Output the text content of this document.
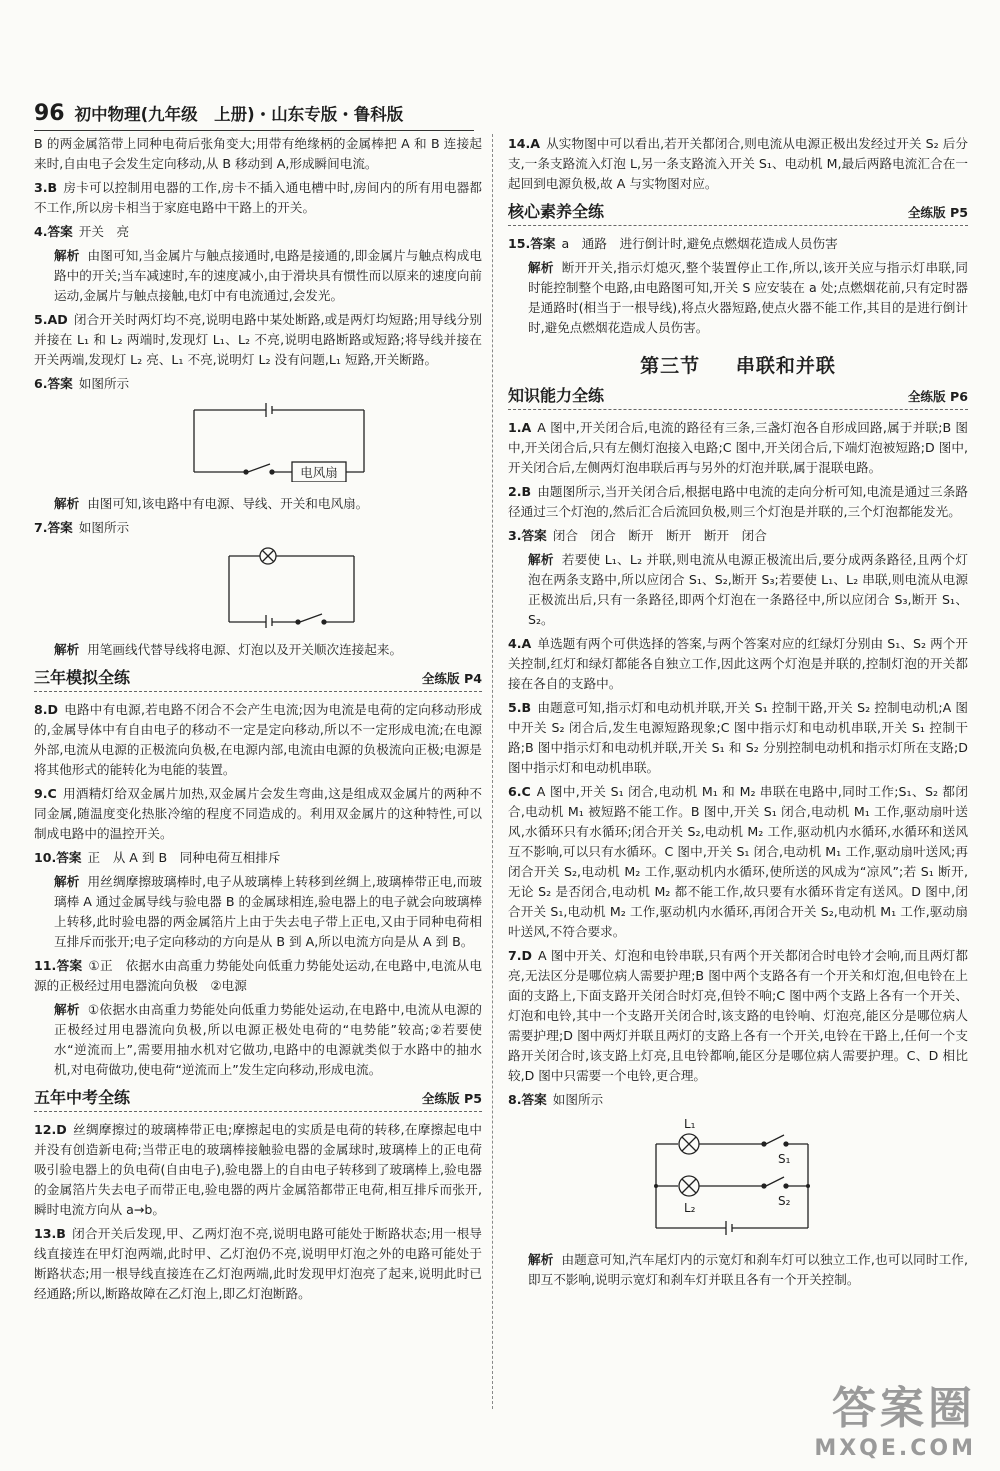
96 初中物理(九年级　上册)・山东专版・鲁科版

B 的两金属箔带上同种电荷后张角变大;用带有绝缘柄的金属棒把 A 和 B 连接起来时,自由电子会发生定向移动,从 B 移动到 A,形成瞬间电流。

3.B 房卡可以控制用电器的工作,房卡不插入通电槽中时,房间内的所有用电器都不工作,所以房卡相当于家庭电路中干路上的开关。

4.答案 开关　亮

解析 由图可知,当金属片与触点接通时,电路是接通的,即金属片与触点构成电路中的开关;当车减速时,车的速度减小,由于滑块具有惯性而以原来的速度向前运动,金属片与触点接触,电灯中有电流通过,会发光。

5.AD 闭合开关时两灯均不亮,说明电路中某处断路,或是两灯均短路;用导线分别并接在 L₁ 和 L₂ 两端时,发现灯 L₁、L₂ 不亮,说明电路断路或短路;将导线并接在开关两端,发现灯 L₂ 亮、L₁ 不亮,说明灯 L₂ 没有问题,L₁ 短路,开关断路。

6.答案 如图所示

电风扇

解析 由图可知,该电路中有电源、导线、开关和电风扇。

7.答案 如图所示

解析 用笔画线代替导线将电源、灯泡以及开关顺次连接起来。

三年模拟全练	全练版 P4

8.D 电路中有电源,若电路不闭合不会产生电流;因为电流是电荷的定向移动形成的,金属导体中有自由电子的移动不一定是定向移动,所以不一定形成电流;在电源外部,电流从电源的正极流向负极,在电源内部,电流由电源的负极流向正极;电源是将其他形式的能转化为电能的装置。

9.C 用酒精灯给双金属片加热,双金属片会发生弯曲,这是组成双金属片的两种不同金属,随温度变化热胀冷缩的程度不同造成的。利用双金属片的这种特性,可以制成电路中的温控开关。

10.答案 正　从 A 到 B　同种电荷互相排斥

解析 用丝绸摩擦玻璃棒时,电子从玻璃棒上转移到丝绸上,玻璃棒带正电,而玻璃棒 A 通过金属导线与验电器 B 的金属球相连,验电器上的电子就会向玻璃棒上转移,此时验电器的两金属箔片上由于失去电子带上正电,又由于同种电荷相互排斥而张开;电子定向移动的方向是从 B 到 A,所以电流方向是从 A 到 B。

11.答案 ①正　依据水由高重力势能处向低重力势能处运动,在电路中,电流从电源的正极经过用电器流向负极　②电源

解析 ①依据水由高重力势能处向低重力势能处运动,在电路中,电流从电源的正极经过用电器流向负极,所以电源正极处电荷的“电势能”较高;②若要使水“逆流而上”,需要用抽水机对它做功,电路中的电源就类似于水路中的抽水机,对电荷做功,使电荷“逆流而上”发生定向移动,形成电流。

五年中考全练	全练版 P5

12.D 丝绸摩擦过的玻璃棒带正电;摩擦起电的实质是电荷的转移,在摩擦起电中并没有创造新电荷;当带正电的玻璃棒接触验电器的金属球时,玻璃棒上的正电荷吸引验电器上的负电荷(自由电子),验电器上的自由电子转移到了玻璃棒上,验电器的金属箔片失去电子而带正电,验电器的两片金属箔都带正电荷,相互排斥而张开,瞬时电流方向从 a→b。

13.B 闭合开关后发现,甲、乙两灯泡不亮,说明电路可能处于断路状态;用一根导线直接连在甲灯泡两端,此时甲、乙灯泡仍不亮,说明甲灯泡之外的电路可能处于断路状态;用一根导线直接连在乙灯泡两端,此时发现甲灯泡亮了起来,说明此时已经通路;所以,断路故障在乙灯泡上,即乙灯泡断路。

14.A 从实物图中可以看出,若开关都闭合,则电流从电源正极出发经过开关 S₂ 后分支,一条支路流入灯泡 L,另一条支路流入开关 S₁、电动机 M,最后两路电流汇合在一起回到电源负极,故 A 与实物图对应。

核心素养全练	全练版 P5

15.答案 a　通路　进行倒计时,避免点燃烟花造成人员伤害

解析 断开开关,指示灯熄灭,整个装置停止工作,所以,该开关应与指示灯串联,同时能控制整个电路,由电路图可知,开关 S 应安装在 a 处;点燃烟花前,只有定时器是通路时(相当于一根导线),将点火器短路,使点火器不能工作,其目的是进行倒计时,避免点燃烟花造成人员伤害。

第三节 串联和并联
知识能力全练	全练版 P6

1.A A 图中,开关闭合后,电流的路径有三条,三盏灯泡各自形成回路,属于并联;B 图中,开关闭合后,只有左侧灯泡接入电路;C 图中,开关闭合后,下端灯泡被短路;D 图中,开关闭合后,左侧两灯泡串联后再与另外的灯泡并联,属于混联电路。

2.B 由题图所示,当开关闭合后,根据电路中电流的走向分析可知,电流是通过三条路径通过三个灯泡的,然后汇合后流回负极,则三个灯泡是并联的,三个灯泡都能发光。

3.答案 闭合　闭合　断开　断开　断开　闭合

解析 若要使 L₁、L₂ 并联,则电流从电源正极流出后,要分成两条路径,且两个灯泡在两条支路中,所以应闭合 S₁、S₂,断开 S₃;若要使 L₁、L₂ 串联,则电流从电源正极流出后,只有一条路径,即两个灯泡在一条路径中,所以应闭合 S₃,断开 S₁、S₂。

4.A 单选题有两个可供选择的答案,与两个答案对应的红绿灯分别由 S₁、S₂ 两个开关控制,红灯和绿灯都能各自独立工作,因此这两个灯泡是并联的,控制灯泡的开关都接在各自的支路中。

5.B 由题意可知,指示灯和电动机并联,开关 S₁ 控制干路,开关 S₂ 控制电动机;A 图中开关 S₂ 闭合后,发生电源短路现象;C 图中指示灯和电动机串联,开关 S₁ 控制干路;B 图中指示灯和电动机并联,开关 S₁ 和 S₂ 分别控制电动机和指示灯所在支路;D 图中指示灯和电动机串联。

6.C A 图中,开关 S₁ 闭合,电动机 M₁ 和 M₂ 串联在电路中,同时工作;S₁、S₂ 都闭合,电动机 M₁ 被短路不能工作。B 图中,开关 S₁ 闭合,电动机 M₁ 工作,驱动扇叶送风,水循环只有水循环;闭合开关 S₂,电动机 M₂ 工作,驱动机内水循环,水循环和送风互不影响,可以只有水循环。C 图中,开关 S₁ 闭合,电动机 M₁ 工作,驱动扇叶送风;再闭合开关 S₂,电动机 M₂ 工作,驱动机内水循环,使所送的风成为“凉风”;若 S₁ 断开,无论 S₂ 是否闭合,电动机 M₂ 都不能工作,故只要有水循环肯定有送风。D 图中,闭合开关 S₁,电动机 M₂ 工作,驱动机内水循环,再闭合开关 S₂,电动机 M₁ 工作,驱动扇叶送风,不符合要求。

7.D A 图中开关、灯泡和电铃串联,只有两个开关都闭合时电铃才会响,而且两灯都亮,无法区分是哪位病人需要护理;B 图中两个支路各有一个开关和灯泡,但电铃在上面的支路上,下面支路开关闭合时灯亮,但铃不响;C 图中两个支路上各有一个开关、灯泡和电铃,其中一个支路开关闭合时,该支路的电铃响、灯泡亮,能区分是哪位病人需要护理;D 图中两灯并联且两灯的支路上各有一个开关,电铃在干路上,任何一个支路开关闭合时,该支路上灯亮,且电铃都响,能区分是哪位病人需要护理。C、D 相比较,D 图中只需要一个电铃,更合理。

8.答案 如图所示

L₁
L₂
S₁
S₂

解析 由题意可知,汽车尾灯内的示宽灯和刹车灯可以独立工作,也可以同时工作,即互不影响,说明示宽灯和刹车灯并联且各有一个开关控制。

答案圈
MXQE.COM
